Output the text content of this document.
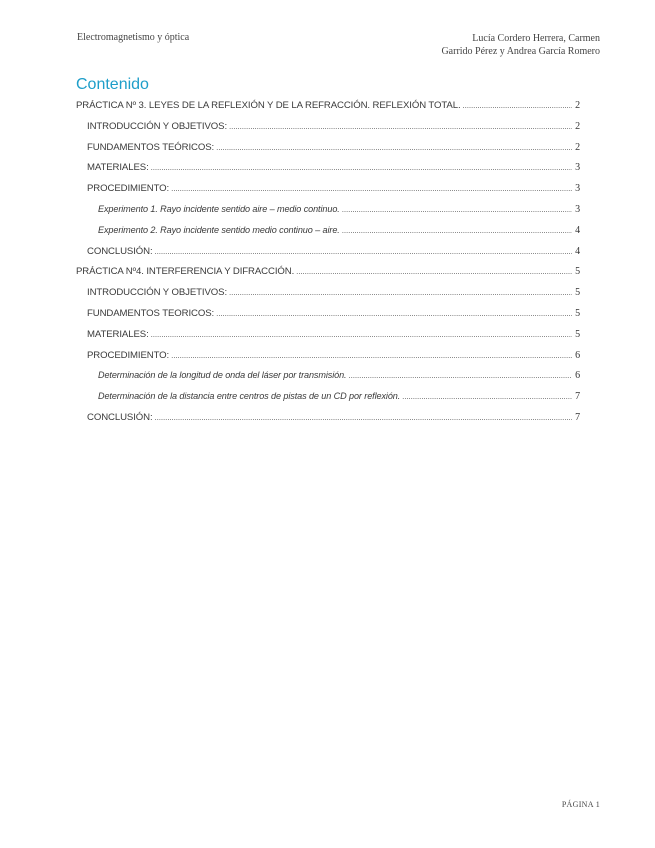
Electromagnetismo y óptica	Lucía Cordero Herrera, Carmen
Garrido Pérez y Andrea García Romero
Contenido
PRÁCTICA Nº 3. LEYES DE LA REFLEXIÓN Y DE LA REFRACCIÓN. REFLEXIÓN TOTAL. .....	2
INTRODUCCIÓN Y OBJETIVOS: .....	2
FUNDAMENTOS TEÓRICOS: .....	2
MATERIALES: .....	3
PROCEDIMIENTO: .....	3
Experimento 1. Rayo incidente sentido aire – medio continuo. .....	3
Experimento 2. Rayo incidente sentido medio continuo – aire. .....	4
CONCLUSIÓN: .....	4
PRÁCTICA Nº4. INTERFERENCIA Y DIFRACCIÓN. .....	5
INTRODUCCIÓN Y OBJETIVOS: .....	5
FUNDAMENTOS TEORICOS: .....	5
MATERIALES: .....	5
PROCEDIMIENTO: .....	6
Determinación de la longitud de onda del láser por transmisión. .....	6
Determinación de la distancia entre centros de pistas de un CD por reflexión. .....	7
CONCLUSIÓN: .....	7
PÁGINA 1
